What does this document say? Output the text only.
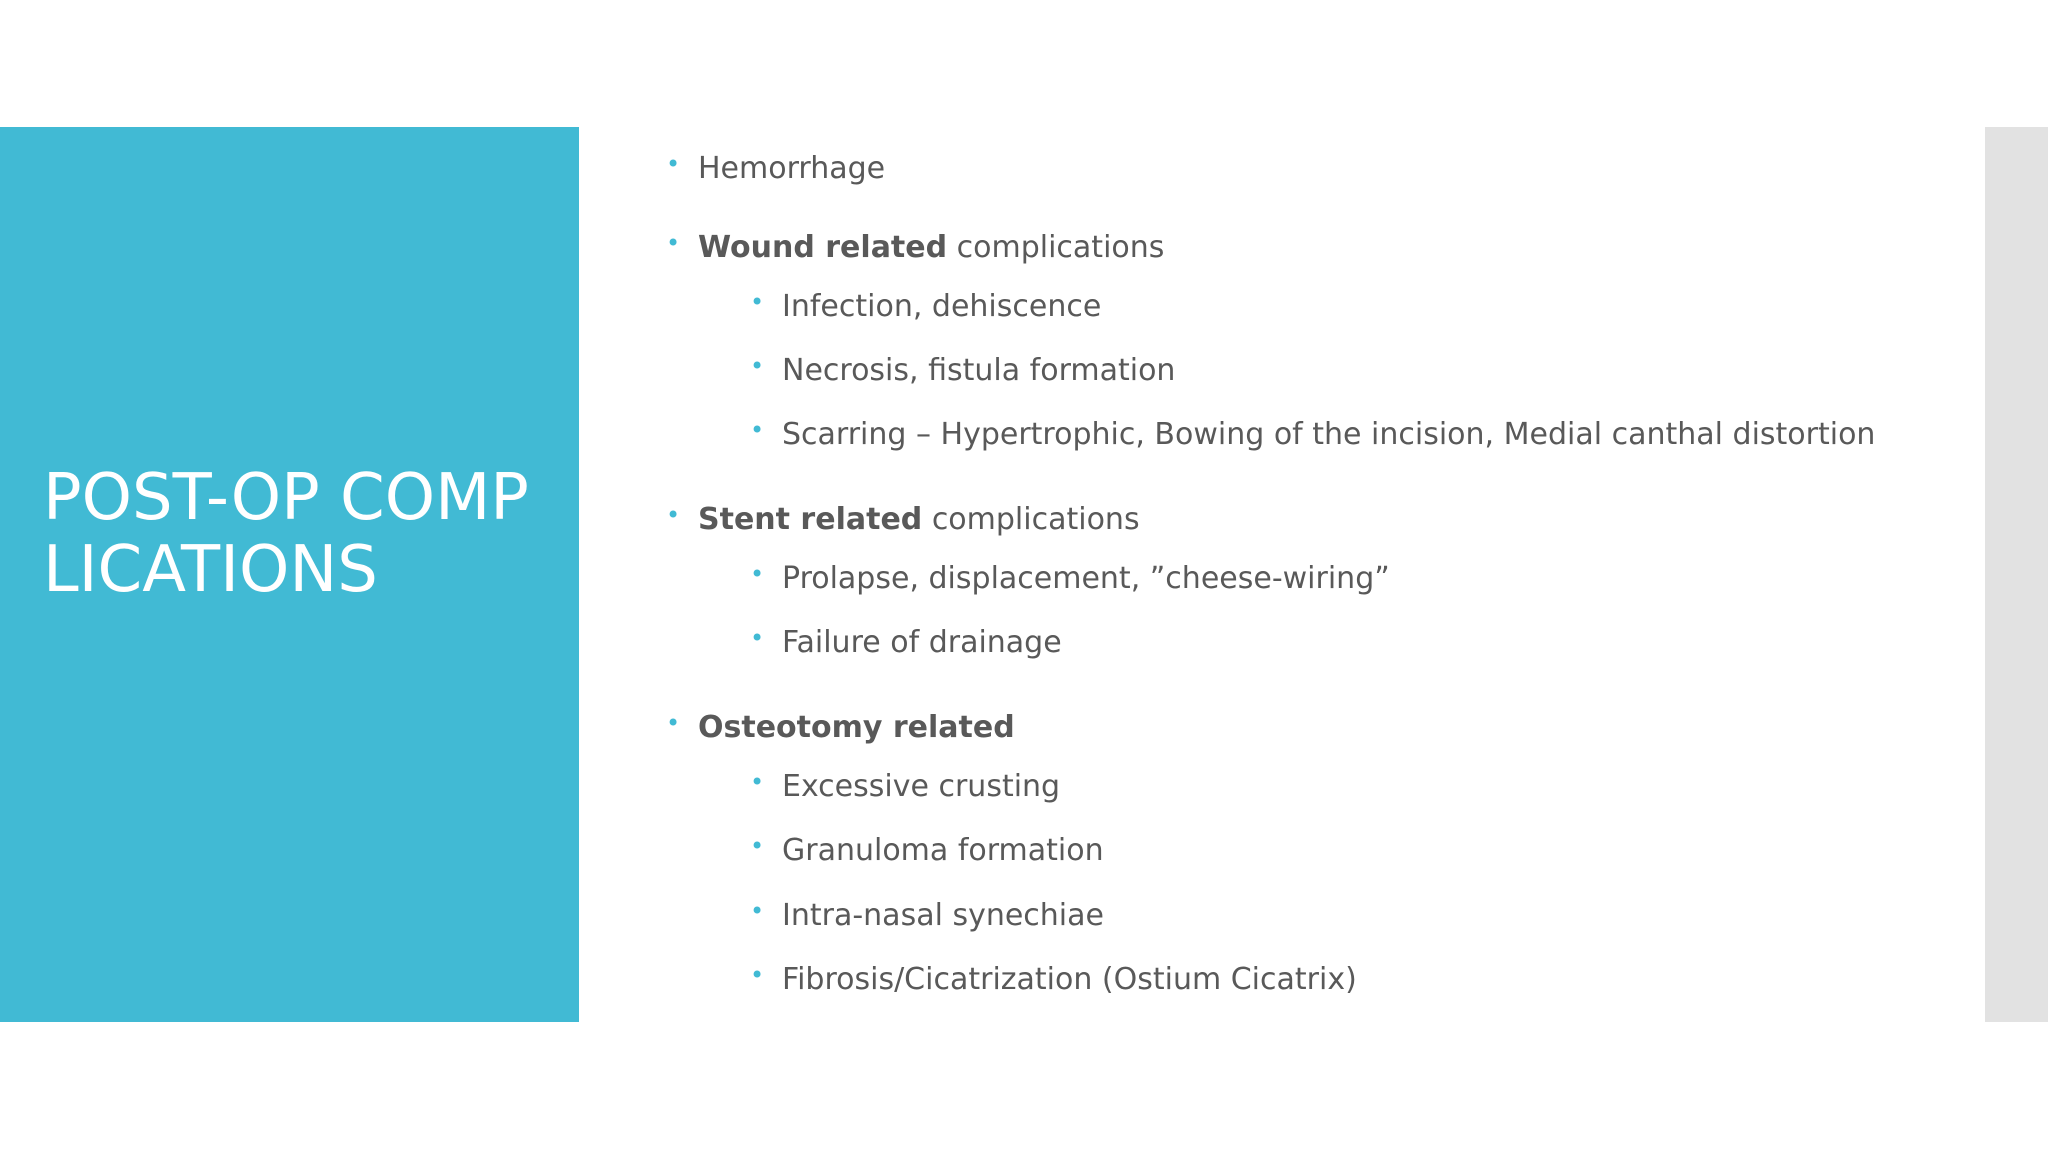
POST-OP COMPLICATIONS
• Hemorrhage
• Wound related complications
• Infection, dehiscence
• Necrosis, fistula formation
• Scarring – Hypertrophic, Bowing of the incision, Medial canthal distortion
• Stent related complications
• Prolapse, displacement, ”cheese-wiring”
• Failure of drainage
• Osteotomy related
• Excessive crusting
• Granuloma formation
• Intra-nasal synechiae
• Fibrosis/Cicatrization (Ostium Cicatrix)
